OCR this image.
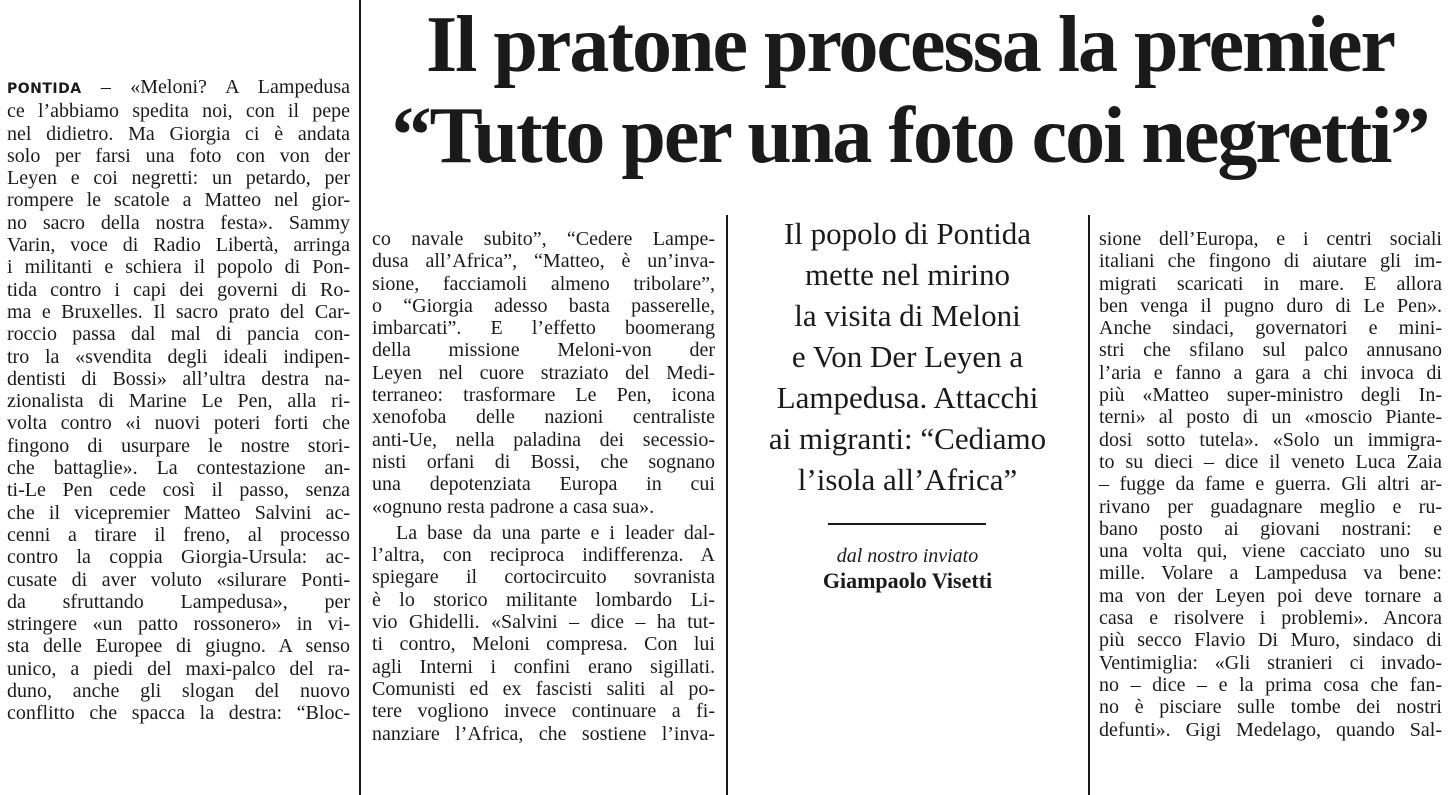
Il pratone processa la premier
“Tutto per una foto coi negretti”
PONTIDA – «Meloni? A Lampedusa
ce l’abbiamo spedita noi, con il pepe
nel didietro. Ma Giorgia ci è andata
solo per farsi una foto con von der
Leyen e coi negretti: un petardo, per
rompere le scatole a Matteo nel gior-
no sacro della nostra festa». Sammy
Varin, voce di Radio Libertà, arringa
i militanti e schiera il popolo di Pon-
tida contro i capi dei governi di Ro-
ma e Bruxelles. Il sacro prato del Car-
roccio passa dal mal di pancia con-
tro la «svendita degli ideali indipen-
dentisti di Bossi» all’ultra destra na-
zionalista di Marine Le Pen, alla ri-
volta contro «i nuovi poteri forti che
fingono di usurpare le nostre stori-
che battaglie». La contestazione an-
ti-Le Pen cede così il passo, senza
che il vicepremier Matteo Salvini ac-
cenni a tirare il freno, al processo
contro la coppia Giorgia-Ursula: ac-
cusate di aver voluto «silurare Ponti-
da sfruttando Lampedusa», per
stringere «un patto rossonero» in vi-
sta delle Europee di giugno. A senso
unico, a piedi del maxi-palco del ra-
duno, anche gli slogan del nuovo
conflitto che spacca la destra: “Bloc-
co navale subito”, “Cedere Lampe-
dusa all’Africa”, “Matteo, è un’inva-
sione, facciamoli almeno tribolare”,
o “Giorgia adesso basta passerelle,
imbarcati”. E l’effetto boomerang
della missione Meloni-von der
Leyen nel cuore straziato del Medi-
terraneo: trasformare Le Pen, icona
xenofoba delle nazioni centraliste
anti-Ue, nella paladina dei secessio-
nisti orfani di Bossi, che sognano
una depotenziata Europa in cui
«ognuno resta padrone a casa sua».
La base da una parte e i leader dal-
l’altra, con reciproca indifferenza. A
spiegare il cortocircuito sovranista
è lo storico militante lombardo Li-
vio Ghidelli. «Salvini – dice – ha tut-
ti contro, Meloni compresa. Con lui
agli Interni i confini erano sigillati.
Comunisti ed ex fascisti saliti al po-
tere vogliono invece continuare a fi-
nanziare l’Africa, che sostiene l’inva-
Il popolo di Pontida
mette nel mirino
la visita di Meloni
e Von Der Leyen a
Lampedusa. Attacchi
ai migranti: “Cediamo
l’isola all’Africa”
dal nostro inviato
Giampaolo Visetti
sione dell’Europa, e i centri sociali
italiani che fingono di aiutare gli im-
migrati scaricati in mare. E allora
ben venga il pugno duro di Le Pen».
Anche sindaci, governatori e mini-
stri che sfilano sul palco annusano
l’aria e fanno a gara a chi invoca di
più «Matteo super-ministro degli In-
terni» al posto di un «moscio Piante-
dosi sotto tutela». «Solo un immigra-
to su dieci – dice il veneto Luca Zaia
– fugge da fame e guerra. Gli altri ar-
rivano per guadagnare meglio e ru-
bano posto ai giovani nostrani: e
una volta qui, viene cacciato uno su
mille. Volare a Lampedusa va bene:
ma von der Leyen poi deve tornare a
casa e risolvere i problemi». Ancora
più secco Flavio Di Muro, sindaco di
Ventimiglia: «Gli stranieri ci invado-
no – dice – e la prima cosa che fan-
no è pisciare sulle tombe dei nostri
defunti». Gigi Medelago, quando Sal-
